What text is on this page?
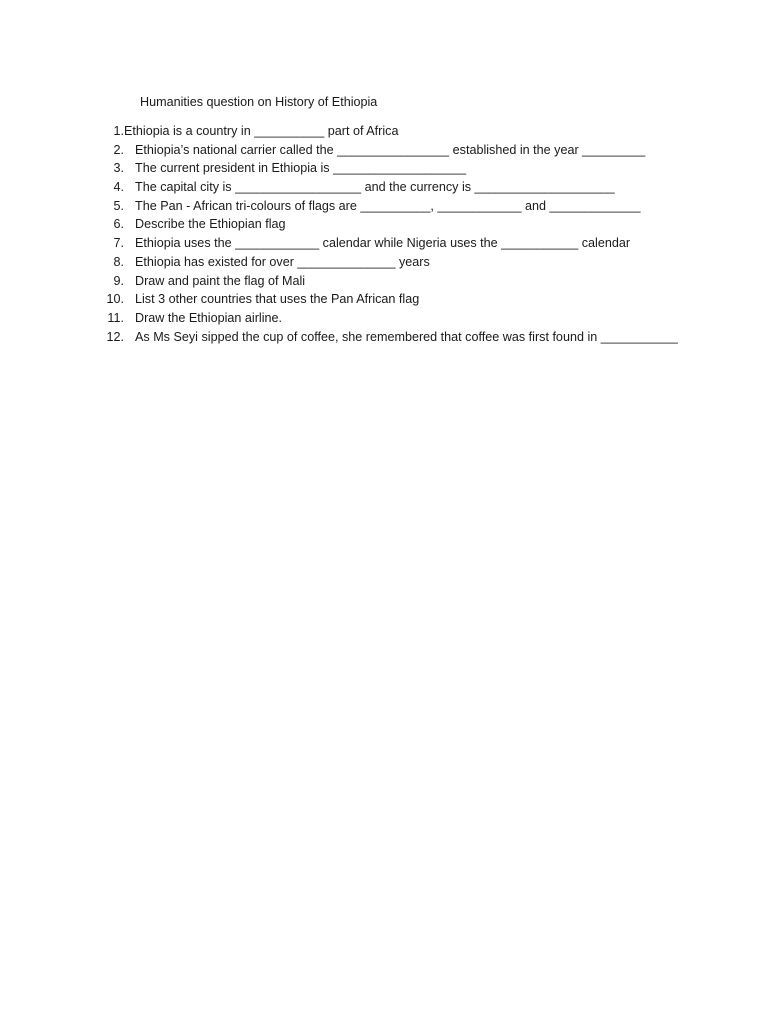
Humanities question on History of Ethiopia
1. Ethiopia is a country in __________ part of Africa
2. Ethiopia’s national carrier called the ________________ established in the year _________
3. The current president in Ethiopia is ___________________
4. The capital city is __________________ and the currency is ____________________
5. The Pan - African tri-colours of flags are __________, ____________ and _____________
6. Describe the Ethiopian flag
7. Ethiopia uses the ____________ calendar while Nigeria uses the ___________ calendar
8. Ethiopia has existed for over ______________ years
9. Draw and paint the flag of Mali
10. List 3 other countries that uses the Pan African flag
11. Draw the Ethiopian airline.
12. As Ms Seyi sipped the cup of coffee, she remembered that coffee was first found in ___________
